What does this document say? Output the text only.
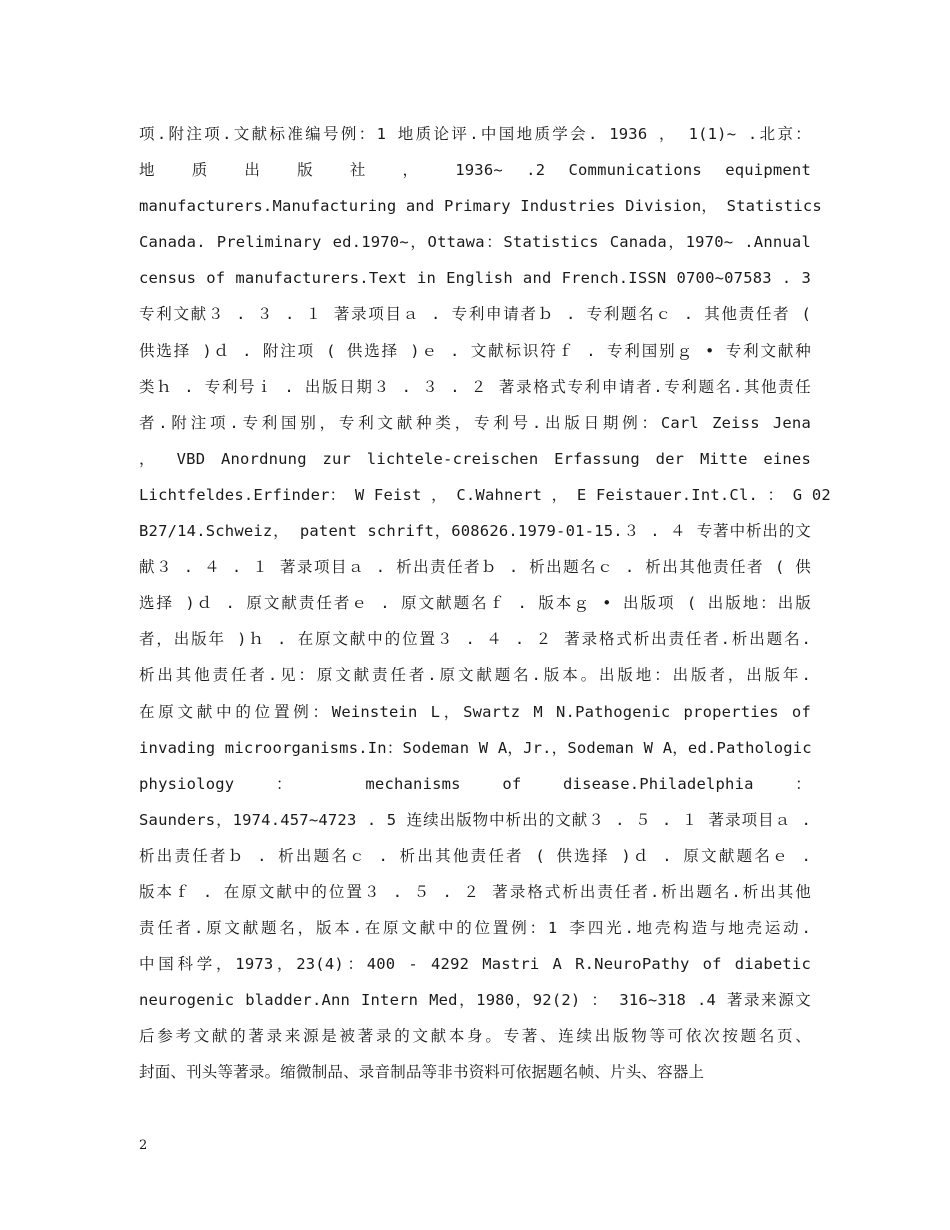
项.附注项.文献标准编号例：1 地质论评.中国地质学会. 1936 ， 1(1)~ .北京：
地 质 出 版 社 ， 1936~ .2 Communications equipment
manufacturers.Manufacturing and Primary Industries Division， Statistics
Canada. Preliminary ed.1970~，Ottawa：Statistics Canada，1970~ .Annual
census of manufacturers.Text in English and French.ISSN 0700~07583 . 3
专利文献３ . ３ . １ 著录项目ａ . 专利申请者ｂ . 专利题名ｃ . 其他责任者 (
供选择 )ｄ . 附注项 ( 供选择 )ｅ . 文献标识符ｆ . 专利国别ｇ • 专利文献种
类ｈ . 专利号ｉ . 出版日期３ . ３ . ２ 著录格式专利申请者.专利题名.其他责任
者.附注项.专利国别，专利文献种类，专利号.出版日期例：Carl Zeiss Jena
， VBD Anordnung zur lichtele-creischen Erfassung der Mitte eines
Lichtfeldes.Erfinder： W Feist ， C.Wahnert ， E Feistauer.Int.Cl. ： G 02
B27/14.Schweiz， patent schrift，608626.1979-01-15.３ . ４ 专著中析出的文
献３ . ４ . １ 著录项目ａ . 析出责任者ｂ . 析出题名ｃ . 析出其他责任者 ( 供
选择 )ｄ . 原文献责任者ｅ . 原文献题名ｆ . 版本ｇ • 出版项 ( 出版地：出版
者，出版年 )ｈ . 在原文献中的位置３ . ４ . ２ 著录格式析出责任者.析出题名.
析出其他责任者.见：原文献责任者.原文献题名.版本。出版地：出版者，出版年.
在原文献中的位置例：Weinstein L，Swartz M N.Pathogenic properties of
invading microorganisms.In：Sodeman W A，Jr.，Sodeman W A，ed.Pathologic
physiology ： mechanisms of disease.Philadelphia ：
Saunders，1974.457~4723 . 5 连续出版物中析出的文献３ . ５ . １ 著录项目ａ .
析出责任者ｂ . 析出题名ｃ . 析出其他责任者 ( 供选择 )ｄ . 原文献题名ｅ .
版本ｆ . 在原文献中的位置３ . ５ . ２ 著录格式析出责任者.析出题名.析出其他
责任者.原文献题名，版本.在原文献中的位置例：1 李四光.地壳构造与地壳运动.
中国科学，1973，23(4)：400 - 4292 Mastri A R.NeuroPathy of diabetic
neurogenic bladder.Ann Intern Med，1980，92(2) ： 316~318 .4 著录来源文
后参考文献的著录来源是被著录的文献本身。专著、连续出版物等可依次按题名页、
封面、刊头等著录。缩微制品、录音制品等非书资料可依据题名帧、片头、容器上
2
